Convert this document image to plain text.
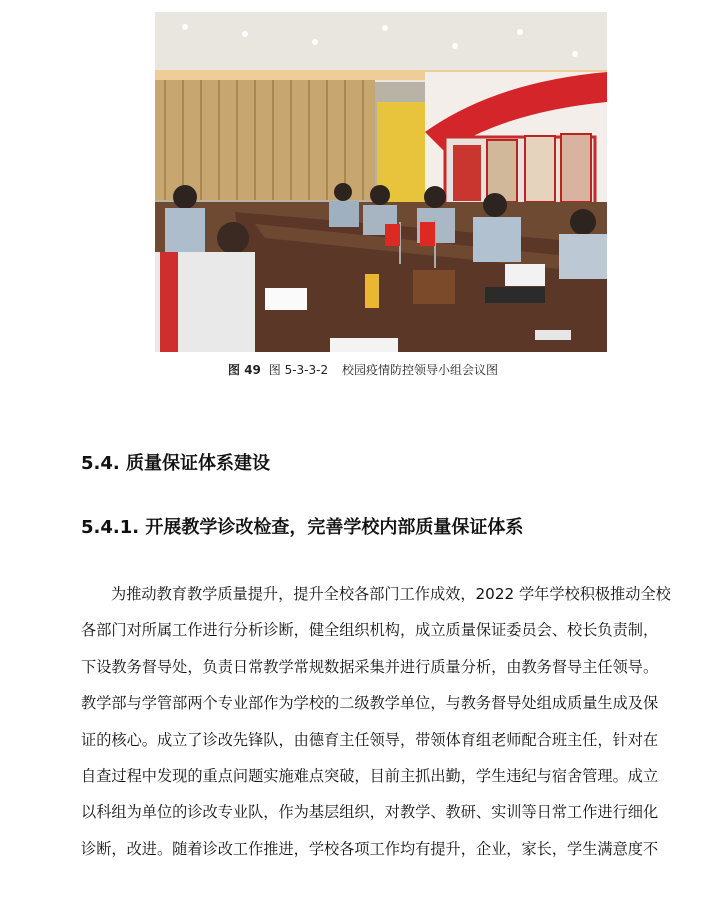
图 49 图 5-3-3-2 校园疫情防控领导小组会议图
5.4. 质量保证体系建设
5.4.1. 开展教学诊改检查，完善学校内部质量保证体系
为推动教育教学质量提升，提升全校各部门工作成效，2022 学年学校积极推动全校
各部门对所属工作进行分析诊断，健全组织机构，成立质量保证委员会、校长负责制，
下设教务督导处，负责日常教学常规数据采集并进行质量分析，由教务督导主任领导。
教学部与学管部两个专业部作为学校的二级教学单位，与教务督导处组成质量生成及保
证的核心。成立了诊改先锋队，由德育主任领导，带领体育组老师配合班主任，针对在
自查过程中发现的重点问题实施难点突破，目前主抓出勤，学生违纪与宿舍管理。成立
以科组为单位的诊改专业队，作为基层组织，对教学、教研、实训等日常工作进行细化
诊断，改进。随着诊改工作推进，学校各项工作均有提升，企业，家长，学生满意度不
